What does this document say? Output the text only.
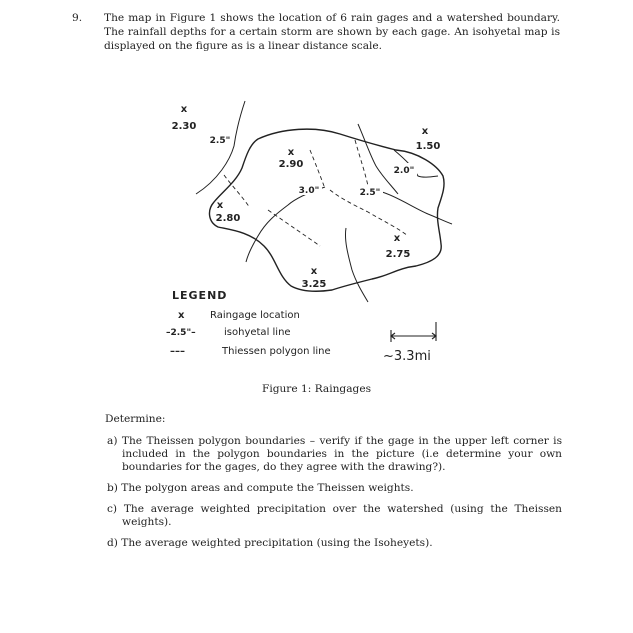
9. The map in Figure 1 shows the location of 6 rain gages and a watershed boundary. The rainfall depths for a certain storm are shown by each gage. An isohyetal map is displayed on the figure as is a linear distance scale.

x
2.30
x
2.90
x
1.50
x
2.80
x
2.75
x
3.25
2.5"
3.0"	2.5"
2.0"
LEGEND
x	Raingage location
–2.5"–	isohyetal line
–––	Thiessen polygon line	~3.3mi

Figure 1: Raingages

Determine:

a) The Theissen polygon boundaries – verify if the gage in the upper left corner is included in the polygon boundaries in the picture (i.e determine your own boundaries for the gages, do they agree with the drawing?).
b) The polygon areas and compute the Theissen weights.
c) The average weighted precipitation over the watershed (using the Theissen weights).
d) The average weighted precipitation (using the Isoheyets).
